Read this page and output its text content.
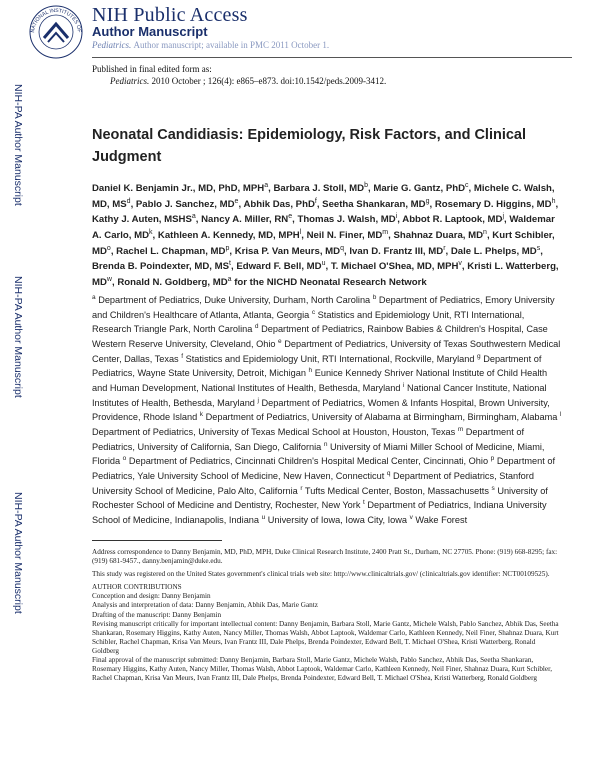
NATIONAL INSTITUTES OF
NIH Public Access
Author Manuscript
Pediatrics. Author manuscript; available in PMC 2011 October 1.
Published in final edited form as:
Pediatrics. 2010 October ; 126(4): e865–e873. doi:10.1542/peds.2009-3412.
NIH-PA Author Manuscript
NIH-PA Author Manuscript
NIH-PA Author Manuscript
Neonatal Candidiasis: Epidemiology, Risk Factors, and Clinical Judgment
Daniel K. Benjamin Jr., MD, PhD, MPH$^a$, Barbara J. Stoll, $MD^b$, Marie G. Gantz, PhD$^c$, Michele C. Walsh, MD, $MS^d$, Pablo J. Sanchez, MDe, Abhik Das, PhD$^f$, Seetha Shankaran, $MD^g$, Rosemary D. Higgins, $MD^h$, Kathy J. Auten, MSHS$^a$, Nancy A. Miller, $RN^e$, Thomas J. Walsh, $MD^i$, Abbot R. Laptook, $MD^j$, Waldemar A. Carlo, $MD^k$, Kathleen A. Kennedy, MD, MPH$^l$, Neil N. Finer, $MD^m$, Shahnaz Duara, $MD^n$, Kurt Schibler, $MD^o$, Rachel L. Chapman, $MD^p$, Krisa P. Van Meurs, $MD^q$, Ivan D. Frantz III, $MD^r$, Dale L. Phelps, $MD^s$, Brenda B. Poindexter, MD, $MS^t$, Edward F. Bell, $MD^u$, T. Michael O'Shea, MD, MPH$^v$, Kristi L. Watterberg, $MD^w$, Ronald N. Goldberg, $MD^a$ for the NICHD Neonatal Research Network
$^a$ Department of Pediatrics, Duke University, Durham, North Carolina $^b$ Department of Pediatrics, Emory University and Children's Healthcare of Atlanta, Atlanta, Georgia $^c$ Statistics and Epidemiology Unit, RTI International, Research Triangle Park, North Carolina $^d$ Department of Pediatrics, Rainbow Babies & Children's Hospital, Case Western Reserve University, Cleveland, Ohio $^e$ Department of Pediatrics, University of Texas Southwestern Medical Center, Dallas, Texas $^f$ Statistics and Epidemiology Unit, RTI International, Rockville, Maryland $^g$ Department of Pediatrics, Wayne State University, Detroit, Michigan $^h$ Eunice Kennedy Shriver National Institute of Child Health and Human Development, National Institutes of Health, Bethesda, Maryland $^i$ National Cancer Institute, National Institutes of Health, Bethesda, Maryland $^j$ Department of Pediatrics, Women & Infants Hospital, Brown University, Providence, Rhode Island $^k$ Department of Pediatrics, University of Alabama at Birmingham, Birmingham, Alabama $^l$ Department of Pediatrics, University of Texas Medical School at Houston, Houston, Texas $^m$ Department of Pediatrics, University of California, San Diego, California $^n$ University of Miami Miller School of Medicine, Miami, Florida $^o$ Department of Pediatrics, Cincinnati Children's Hospital Medical Center, Cincinnati, Ohio $^p$ Department of Pediatrics, Yale University School of Medicine, New Haven, Connecticut $^q$ Department of Pediatrics, Stanford University School of Medicine, Palo Alto, California $^r$ Tufts Medical Center, Boston, Massachusetts $^s$ University of Rochester School of Medicine and Dentistry, Rochester, New York $^t$ Department of Pediatrics, Indiana University School of Medicine, Indianapolis, Indiana $^u$ University of Iowa, Iowa City, Iowa $^v$ Wake Forest

Address correspondence to Danny Benjamin, MD, PhD, MPH, Duke Clinical Research Institute, 2400 Pratt St., Durham, NC 27705. Phone: (919) 668-8295; fax: (919) 681-9457., danny.benjamin@duke.edu.

This study was registered on the United States government's clinical trials web site: http://www.clinicaltrials.gov/ (clinicaltrials.gov identifier: NCT00109525).

AUTHOR CONTRIBUTIONS

Conception and design: Danny Benjamin

Analysis and interpretation of data: Danny Benjamin, Abhik Das, Marie Gantz

Drafting of the manuscript: Danny Benjamin

Revising manuscript critically for important intellectual content: Danny Benjamin, Barbara Stoll, Marie Gantz, Michele Walsh, Pablo Sanchez, Abhik Das, Seetha Shankaran, Rosemary Higgins, Kathy Auten, Nancy Miller, Thomas Walsh, Abbot Laptook, Waldemar Carlo, Kathleen Kennedy, Neil Finer, Shahnaz Duara, Kurt Schibler, Rachel Chapman, Krisa Van Meurs, Ivan Frantz III, Dale Phelps, Brenda Poindexter, Edward Bell, T. Michael O'Shea, Kristi Watterberg, Ronald Goldberg

Final approval of the manuscript submitted: Danny Benjamin, Barbara Stoll, Marie Gantz, Michele Walsh, Pablo Sanchez, Abhik Das, Seetha Shankaran, Rosemary Higgins, Kathy Auten, Nancy Miller, Thomas Walsh, Abbot Laptook, Waldemar Carlo, Kathleen Kennedy, Neil Finer, Shahnaz Duara, Kurt Schibler, Rachel Chapman, Krisa Van Meurs, Ivan Frantz III, Dale Phelps, Brenda Poindexter, Edward Bell, T. Michael O'Shea, Kristi Watterberg, Ronald Goldberg
